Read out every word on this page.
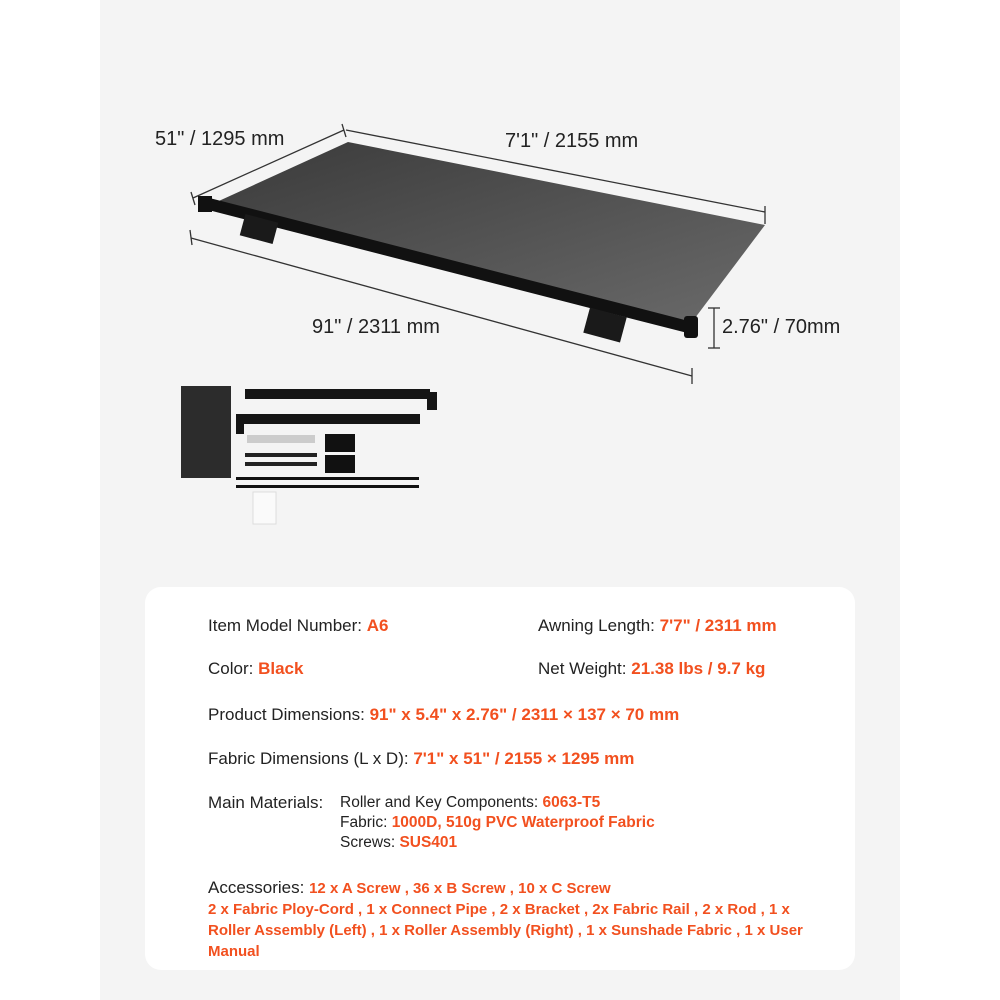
51" / 1295 mm	7'1" / 2155 mm
91" / 2311 mm	2.76" / 70mm
Item Model Number: A6	Awning Length: 7'7" / 2311 mm
Color: Black	Net Weight: 21.38 lbs / 9.7 kg
Product Dimensions: 91" x 5.4" x 2.76" / 2311 × 137 × 70 mm
Fabric Dimensions (L x D): 7'1" x 51" / 2155 × 1295 mm
Main Materials: Roller and Key Components: 6063-T5
Fabric: 1000D, 510g PVC Waterproof Fabric
Screws: SUS401
Accessories: 12 x A Screw , 36 x B Screw , 10 x C Screw
2 x Fabric Ploy-Cord , 1 x Connect Pipe , 2 x Bracket , 2x Fabric Rail , 2 x Rod , 1 x Roller Assembly (Left) , 1 x Roller Assembly (Right) , 1 x Sunshade Fabric , 1 x User Manual
